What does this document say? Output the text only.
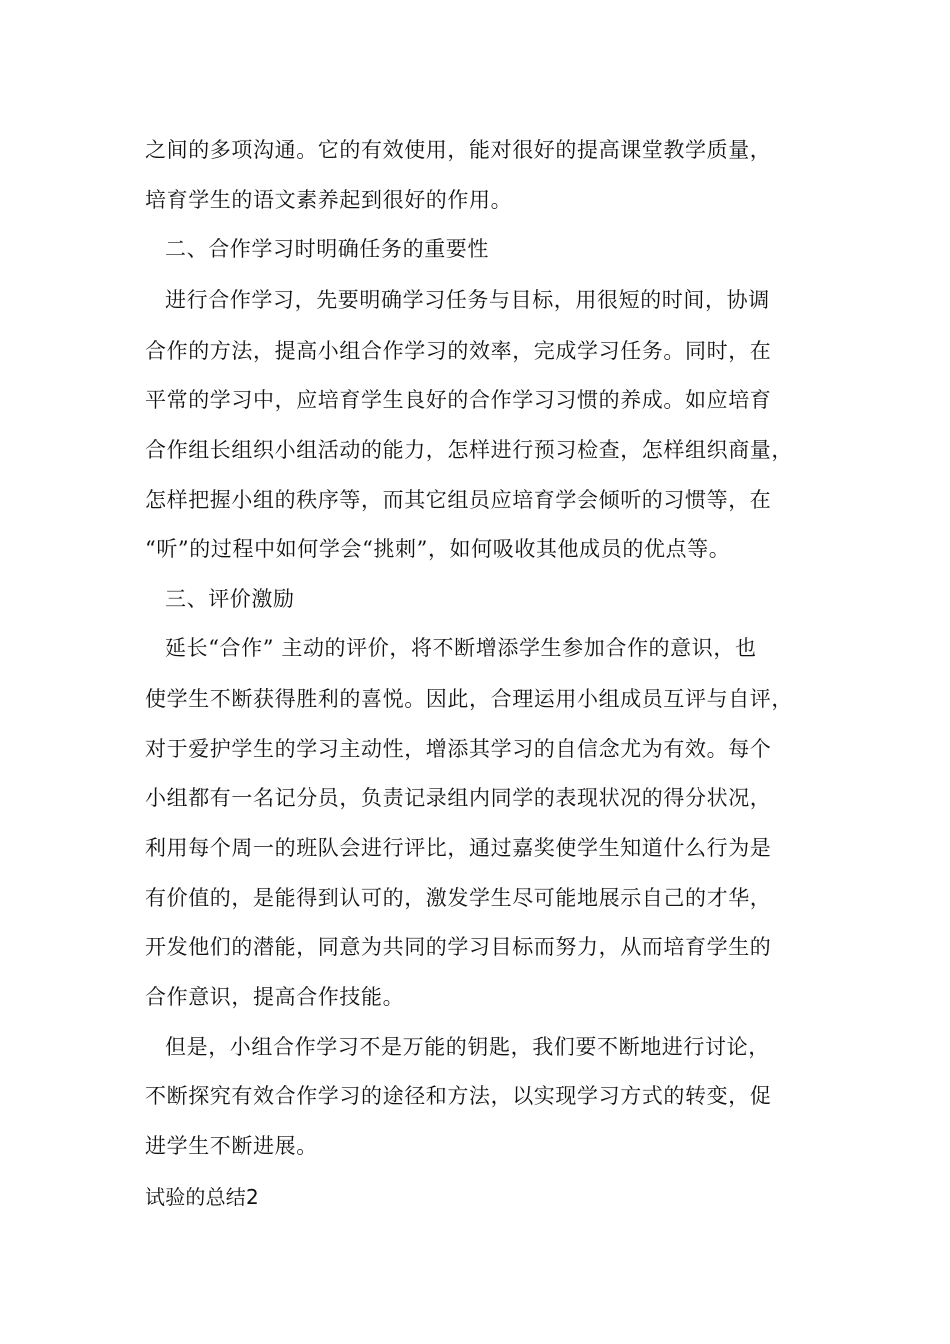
之间的多项沟通。它的有效使用，能对很好的提高课堂教学质量，
培育学生的语文素养起到很好的作用。
二、合作学习时明确任务的重要性
进行合作学习，先要明确学习任务与目标，用很短的时间，协调
合作的方法，提高小组合作学习的效率，完成学习任务。同时，在
平常的学习中，应培育学生良好的合作学习习惯的养成。如应培育
合作组长组织小组活动的能力，怎样进行预习检查，怎样组织商量，
怎样把握小组的秩序等，而其它组员应培育学会倾听的习惯等，在
“听”的过程中如何学会“挑刺”，如何吸收其他成员的优点等。
三、评价激励
延长“合作” 主动的评价，将不断增添学生参加合作的意识，也
使学生不断获得胜利的喜悦。因此，合理运用小组成员互评与自评，
对于爱护学生的学习主动性，增添其学习的自信念尤为有效。每个
小组都有一名记分员，负责记录组内同学的表现状况的得分状况，
利用每个周一的班队会进行评比，通过嘉奖使学生知道什么行为是
有价值的，是能得到认可的，激发学生尽可能地展示自己的才华，
开发他们的潜能，同意为共同的学习目标而努力，从而培育学生的
合作意识，提高合作技能。
但是，小组合作学习不是万能的钥匙，我们要不断地进行讨论，
不断探究有效合作学习的途径和方法，以实现学习方式的转变，促
进学生不断进展。
试验的总结2
